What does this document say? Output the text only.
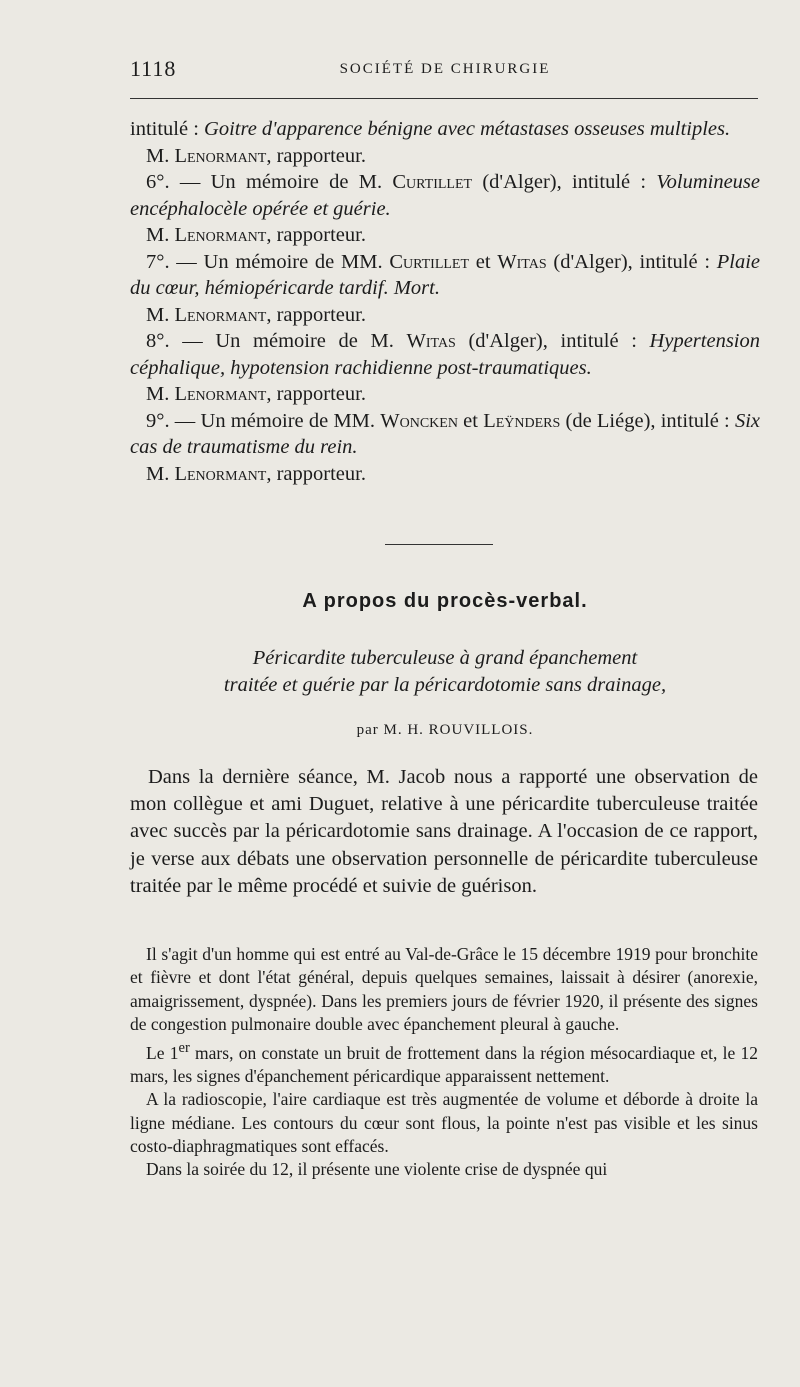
1118	SOCIÉTÉ DE CHIRURGIE

intitulé : Goitre d'apparence bénigne avec métastases osseuses multiples.

M. Lenormant, rapporteur.

6°. — Un mémoire de M. Curtillet (d'Alger), intitulé : Volumineuse encéphalocèle opérée et guérie.

M. Lenormant, rapporteur.

7°. — Un mémoire de MM. Curtillet et Witas (d'Alger), intitulé : Plaie du cœur, hémiopéricarde tardif. Mort.

M. Lenormant, rapporteur.

8°. — Un mémoire de M. Witas (d'Alger), intitulé : Hypertension céphalique, hypotension rachidienne post-traumatiques.

M. Lenormant, rapporteur.

9°. — Un mémoire de MM. Woncken et Leÿnders (de Liége), intitulé : Six cas de traumatisme du rein.

M. Lenormant, rapporteur.

A propos du procès-verbal.

Péricardite tuberculeuse à grand épanchement

traitée et guérie par la péricardotomie sans drainage,

par M. H. ROUVILLOIS.

Dans la dernière séance, M. Jacob nous a rapporté une observation de mon collègue et ami Duguet, relative à une péricardite tuberculeuse traitée avec succès par la péricardotomie sans drainage. A l'occasion de ce rapport, je verse aux débats une observation personnelle de péricardite tuberculeuse traitée par le même procédé et suivie de guérison.

Il s'agit d'un homme qui est entré au Val-de-Grâce le 15 décembre 1919 pour bronchite et fièvre et dont l'état général, depuis quelques semaines, laissait à désirer (anorexie, amaigrissement, dyspnée). Dans les premiers jours de février 1920, il présente des signes de congestion pulmonaire double avec épanchement pleural à gauche.

Le 1er mars, on constate un bruit de frottement dans la région mésocardiaque et, le 12 mars, les signes d'épanchement péricardique apparaissent nettement.

A la radioscopie, l'aire cardiaque est très augmentée de volume et déborde à droite la ligne médiane. Les contours du cœur sont flous, la pointe n'est pas visible et les sinus costo-diaphragmatiques sont effacés.

Dans la soirée du 12, il présente une violente crise de dyspnée qui
